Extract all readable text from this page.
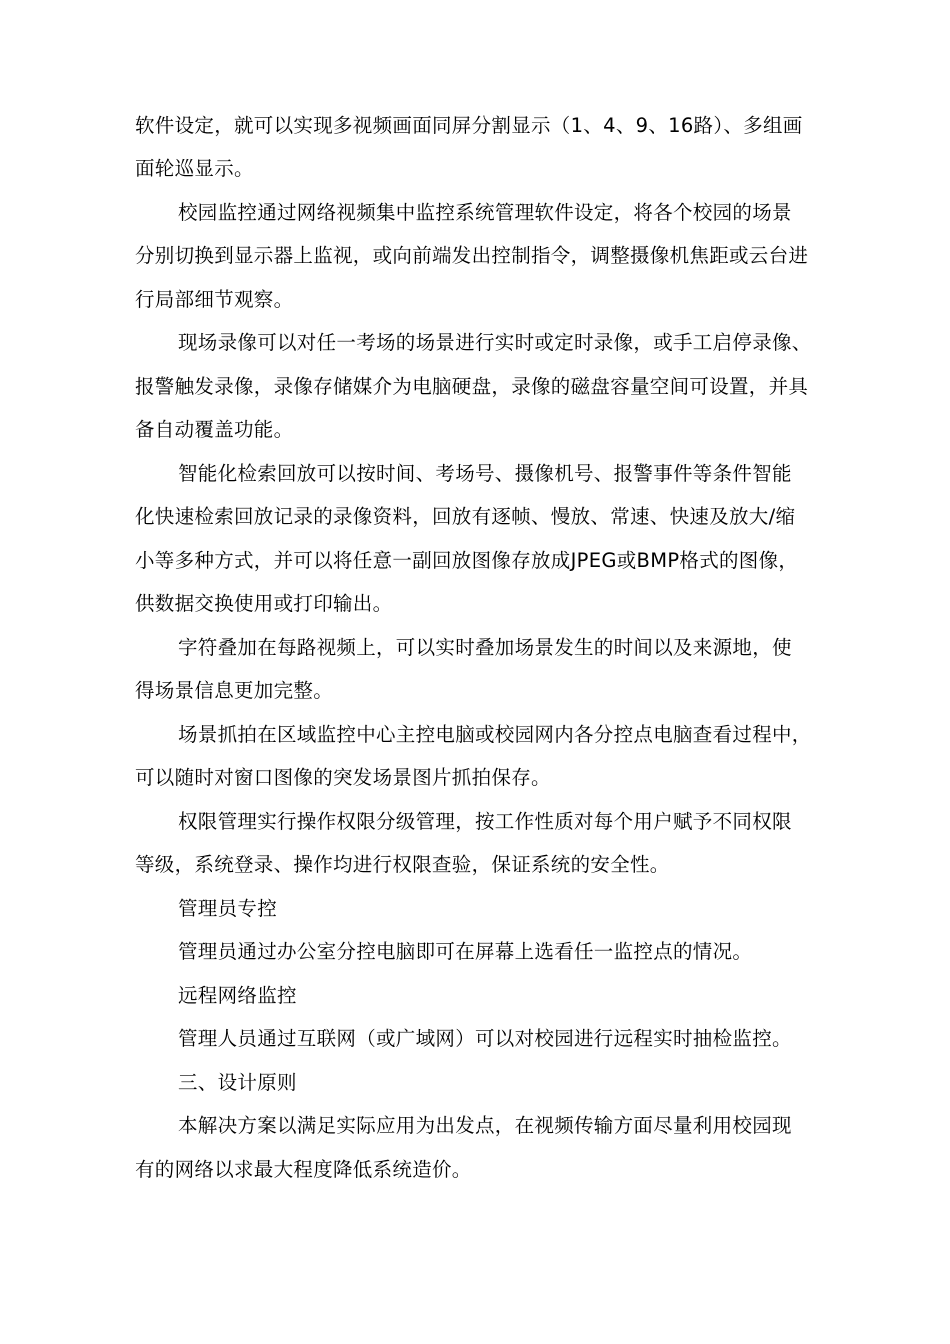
软件设定，就可以实现多视频画面同屏分割显示（1、4、9、16路）、多组画
面轮巡显示。
校园监控通过网络视频集中监控系统管理软件设定，将各个校园的场景
分别切换到显示器上监视，或向前端发出控制指令，调整摄像机焦距或云台进
行局部细节观察。
现场录像可以对任一考场的场景进行实时或定时录像，或手工启停录像、
报警触发录像，录像存储媒介为电脑硬盘，录像的磁盘容量空间可设置，并具
备自动覆盖功能。
智能化检索回放可以按时间、考场号、摄像机号、报警事件等条件智能
化快速检索回放记录的录像资料，回放有逐帧、慢放、常速、快速及放大/缩
小等多种方式，并可以将任意一副回放图像存放成JPEG或BMP格式的图像，
供数据交换使用或打印输出。
字符叠加在每路视频上，可以实时叠加场景发生的时间以及来源地，使
得场景信息更加完整。
场景抓拍在区域监控中心主控电脑或校园网内各分控点电脑查看过程中，
可以随时对窗口图像的突发场景图片抓拍保存。
权限管理实行操作权限分级管理，按工作性质对每个用户赋予不同权限
等级，系统登录、操作均进行权限查验，保证系统的安全性。
管理员专控
管理员通过办公室分控电脑即可在屏幕上选看任一监控点的情况。
远程网络监控
管理人员通过互联网（或广域网）可以对校园进行远程实时抽检监控。
三、设计原则
本解决方案以满足实际应用为出发点，在视频传输方面尽量利用校园现
有的网络以求最大程度降低系统造价。
